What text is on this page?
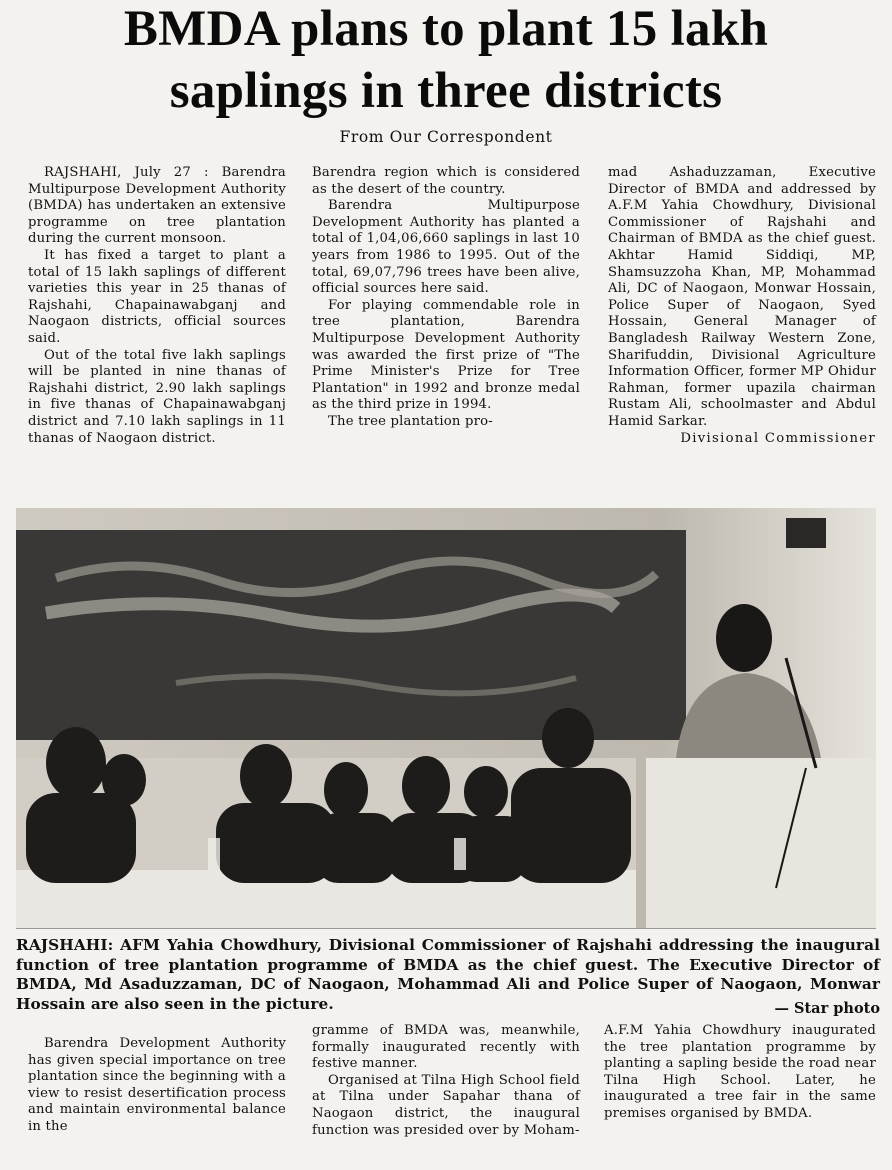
BMDA plans to plant 15 lakh
saplings in three districts
From Our Correspondent

RAJSHAHI, July 27 : Barendra Multipurpose Development Authority (BMDA) has undertaken an extensive programme on tree plantation during the current monsoon.

It has fixed a target to plant a total of 15 lakh saplings of different varieties this year in 25 thanas of Rajshahi, Chapainawabganj and Naogaon districts, official sources said.

Out of the total five lakh saplings will be planted in nine thanas of Rajshahi district, 2.90 lakh saplings in five thanas of Chapainawabganj district and 7.10 lakh saplings in 11 thanas of Naogaon district.

Barendra region which is considered as the desert of the country.

Barendra Multipurpose Development Authority has planted a total of 1,04,06,660 saplings in last 10 years from 1986 to 1995. Out of the total, 69,07,796 trees have been alive, official sources here said.

For playing commendable role in tree plantation, Barendra Multipurpose Development Authority was awarded the first prize of "The Prime Minister's Prize for Tree Plantation" in 1992 and bronze medal as the third prize in 1994.

The tree plantation pro-

mad Ashaduzzaman, Executive Director of BMDA and addressed by A.F.M Yahia Chowdhury, Divisional Commissioner of Rajshahi and Chairman of BMDA as the chief guest. Akhtar Hamid Siddiqi, MP, Shamsuzzoha Khan, MP, Mohammad Ali, DC of Naogaon, Monwar Hossain, Police Super of Naogaon, Syed Hossain, General Manager of Bangladesh Railway Western Zone, Sharifuddin, Divisional Agriculture Information Officer, former MP Ohidur Rahman, former upazila chairman Rustam Ali, schoolmaster and Abdul Hamid Sarkar.

Divisional Commissioner

RAJSHAHI: AFM Yahia Chowdhury, Divisional Commissioner of Rajshahi addressing the inaugural function of tree plantation programme of BMDA as the chief guest. The Executive Director of BMDA, Md Asaduzzaman, DC of Naogaon, Mohammad Ali and Police Super of Naogaon, Monwar Hossain are also seen in the picture.	— Star photo

Barendra Development Authority has given special importance on tree plantation since the beginning with a view to resist desertification process and maintain environmental balance in the

gramme of BMDA was, meanwhile, formally inaugurated recently with festive manner.

Organised at Tilna High School field at Tilna under Sapahar thana of Naogaon district, the inaugural function was presided over by Moham-

A.F.M Yahia Chowdhury inaugurated the tree plantation programme by planting a sapling beside the road near Tilna High School. Later, he inaugurated a tree fair in the same premises organised by BMDA.
